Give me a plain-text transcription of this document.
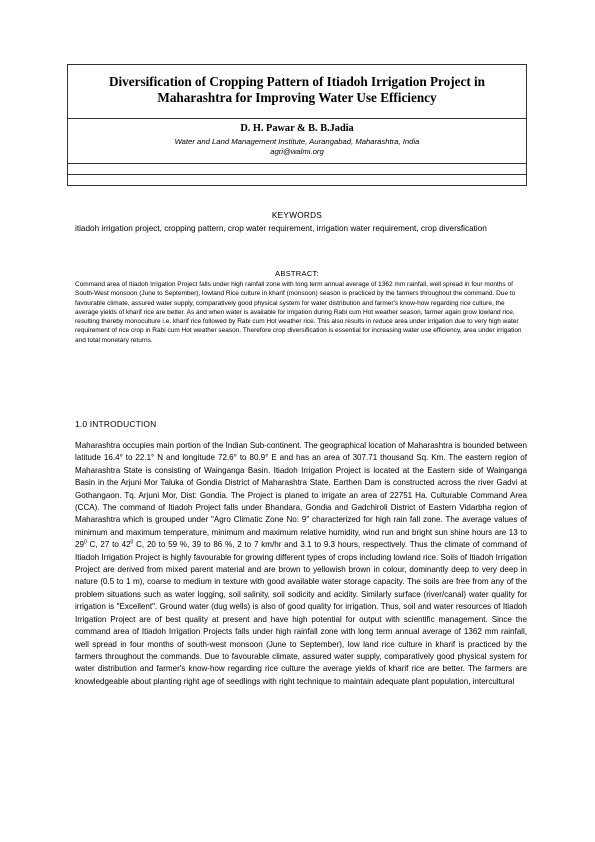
Diversification of Cropping Pattern of Itiadoh Irrigation Project in Maharashtra for Improving Water Use Efficiency
D. H. Pawar & B. B.Jadia
Water and Land Management Institute, Aurangabad, Maharashtra, India
agri@walmi.org
KEYWORDS
itiadoh irrigation project, cropping pattern, crop water requirement, irrigation water requirement, crop diversfication
ABSTRACT:
Command area of Itiadoh Irrigation Project falls under high rainfall zone with long term annual average of 1362 mm rainfall, well spread in four months of South-West monsoon (June to September), lowland Rice culture in kharif (monsoon) season is practiced by the farmers throughout the command. Due to favourable climate, assured water supply, comparatively good physical system for water distribution and farmer's know-how regarding rice culture, the average yields of kharif rice are better. As and when water is available for irrigation during Rabi cum Hot weather season, farmer again grow lowland rice, resulting thereby monoculture i.e. kharif rice followed by Rabi cum Hot weather rice. This also results in reduce area under irrigation due to very high water requirement of rice crop in Rabi cum Hot weather season. Therefore crop diversification is essential for increasing water use efficiency, area under irrigation and total monetary returns.
1.0 INTRODUCTION

Maharashtra occupies main portion of the Indian Sub-continent. The geographical location of Maharashtra is bounded between latitude 16.4° to 22.1° N and longitude 72.6° to 80.9° E and has an area of 307.71 thousand Sq. Km. The eastern region of Maharashtra State is consisting of Wainganga Basin. Itiadoh Irrigation Project is located at the Eastern side of Wainganga Basin in the Arjuni Mor Taluka of Gondia District of Maharashtra State. Earthen Dam is constructed across the river Gadvi at Gothangaon. Tq. Arjuni Mor, Dist: Gondia. The Project is planed to irrigate an area of 22751 Ha. Culturable Command Area (CCA). The command of Itiadoh Project falls under Bhandara, Gondia and Gadchiroli District of Eastern Vidarbha region of Maharashtra which is grouped under "Agro Climatic Zone No: 9" characterized for high rain fall zone. The average values of minimum and maximum temperature, minimum and maximum relative humidity, wind run and bright sun shine hours are 13 to $29^0$ C, 27 to $42^0$ C, 20 to 59 %, 39 to 86 %, 2 to 7 km/hr and 3.1 to 9.3 hours, respectively. Thus the climate of command of Itiadoh Irrigation Project is highly favourable for growing different types of crops including lowland rice. Soils of Itiadoh Irrigation Project are derived from mixed parent material and are brown to yellowish brown in colour, dominantly deep to very deep in nature (0.5 to 1 m), coarse to medium in texture with good available water storage capacity. The soils are free from any of the problem situations such as water logging, soil salinity, soil sodicity and acidity. Similarly surface (river/canal) water quality for irrigation is "Excellent". Ground water (dug wells) is also of good quality for irrigation. Thus, soil and water resources of Itiadoh Irrigation Project are of best quality at present and have high potential for output with scientific management. Since the command area of Itiadoh Irrigation Projects falls under high rainfall zone with long term annual average of 1362 mm rainfall, well spread in four months of south-west monsoon (June to September), low land rice culture in kharif is practiced by the farmers throughout the commands. Due to favourable climate, assured water supply, comparatively good physical system for water distribution and farmer's know-how regarding rice culture the average yields of kharif rice are better. The farmers are knowledgeable about planting right age of seedlings with right technique to maintain adequate plant population, intercultural
